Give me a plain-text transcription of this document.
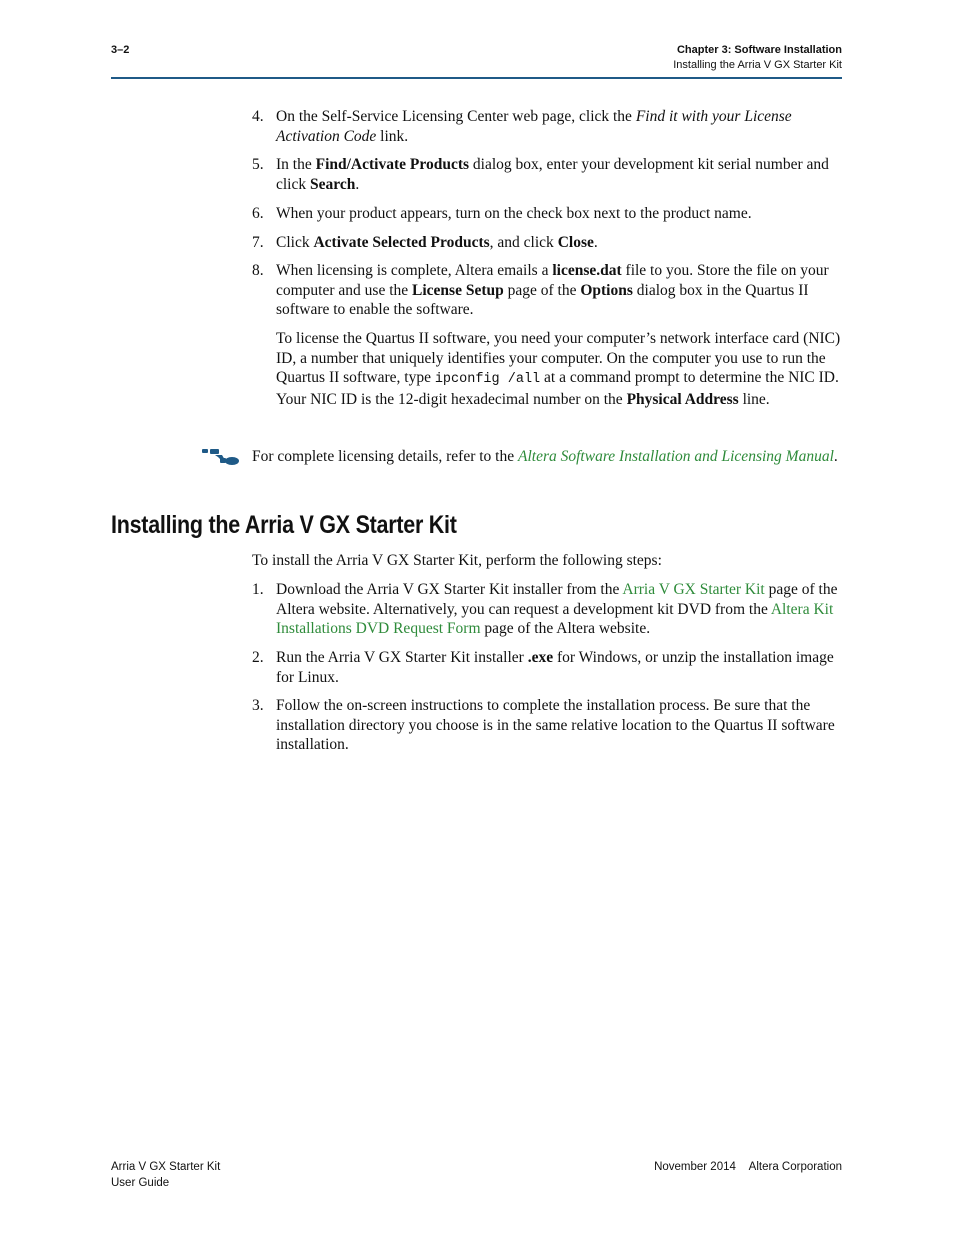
3–2	Chapter 3: Software Installation
Installing the Arria V GX Starter Kit
4. On the Self-Service Licensing Center web page, click the Find it with your License Activation Code link.
5. In the Find/Activate Products dialog box, enter your development kit serial number and click Search.
6. When your product appears, turn on the check box next to the product name.
7. Click Activate Selected Products, and click Close.
8. When licensing is complete, Altera emails a license.dat file to you. Store the file on your computer and use the License Setup page of the Options dialog box in the Quartus II software to enable the software.
To license the Quartus II software, you need your computer’s network interface card (NIC) ID, a number that uniquely identifies your computer. On the computer you use to run the Quartus II software, type ipconfig /all at a command prompt to determine the NIC ID. Your NIC ID is the 12-digit hexadecimal number on the Physical Address line.
For complete licensing details, refer to the Altera Software Installation and Licensing Manual.
Installing the Arria V GX Starter Kit
To install the Arria V GX Starter Kit, perform the following steps:
1. Download the Arria V GX Starter Kit installer from the Arria V GX Starter Kit page of the Altera website. Alternatively, you can request a development kit DVD from the Altera Kit Installations DVD Request Form page of the Altera website.
2. Run the Arria V GX Starter Kit installer .exe for Windows, or unzip the installation image for Linux.
3. Follow the on-screen instructions to complete the installation process. Be sure that the installation directory you choose is in the same relative location to the Quartus II software installation.
Arria V GX Starter Kit
User Guide
November 2014 Altera Corporation
